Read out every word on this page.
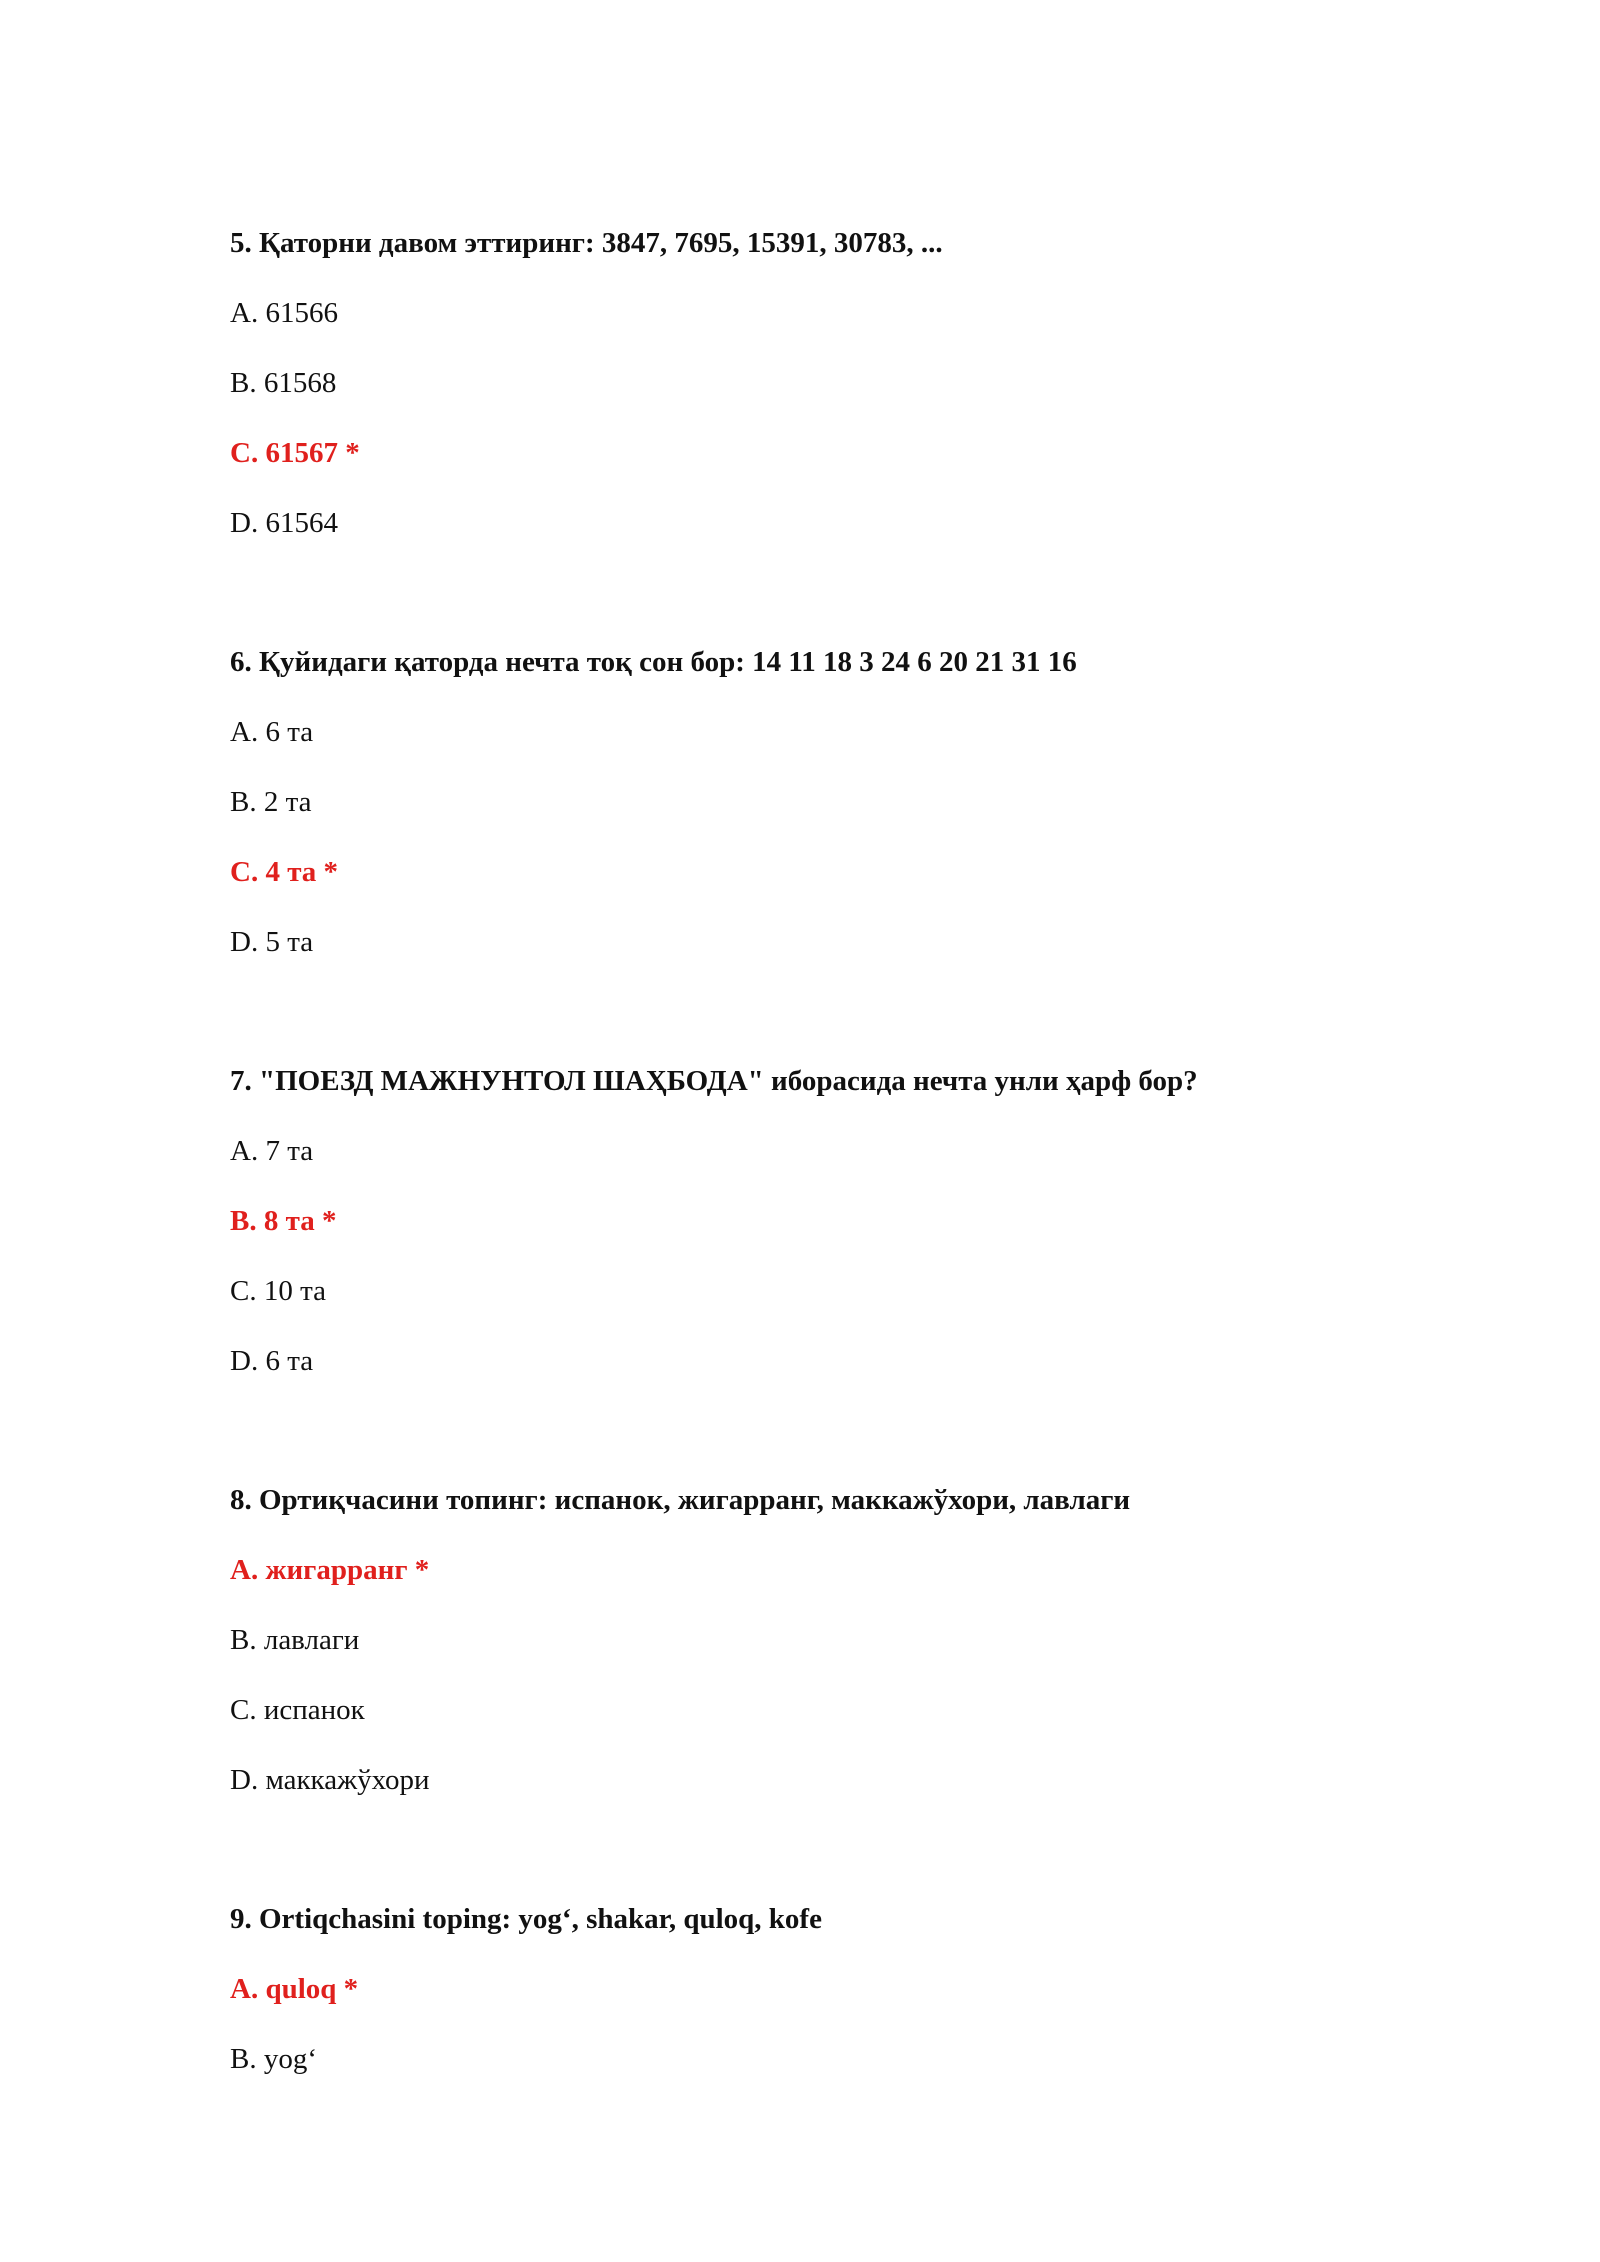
5. Қаторни давом эттиринг: 3847, 7695, 15391, 30783, ...

A. 61566

B. 61568

C. 61567 *

D. 61564

6. Қуйидаги қаторда нечта тоқ сон бор: 14 11 18 3 24 6 20 21 31 16

A. 6 та

B. 2 та

C. 4 та *

D. 5 та

7. "ПОЕЗД МАЖНУНТОЛ ШАҲБОДА" иборасида нечта унли ҳарф бор?

A. 7 та

B. 8 та *

C. 10 та

D. 6 та

8. Ортиқчасини топинг: испанок, жигарранг, маккажўхори, лавлаги

A. жигарранг *

B. лавлаги

C. испанок

D. маккажўхори

9. Ortiqchasini toping: yog‘, shakar, quloq, kofe

A. quloq *

B. yog‘
